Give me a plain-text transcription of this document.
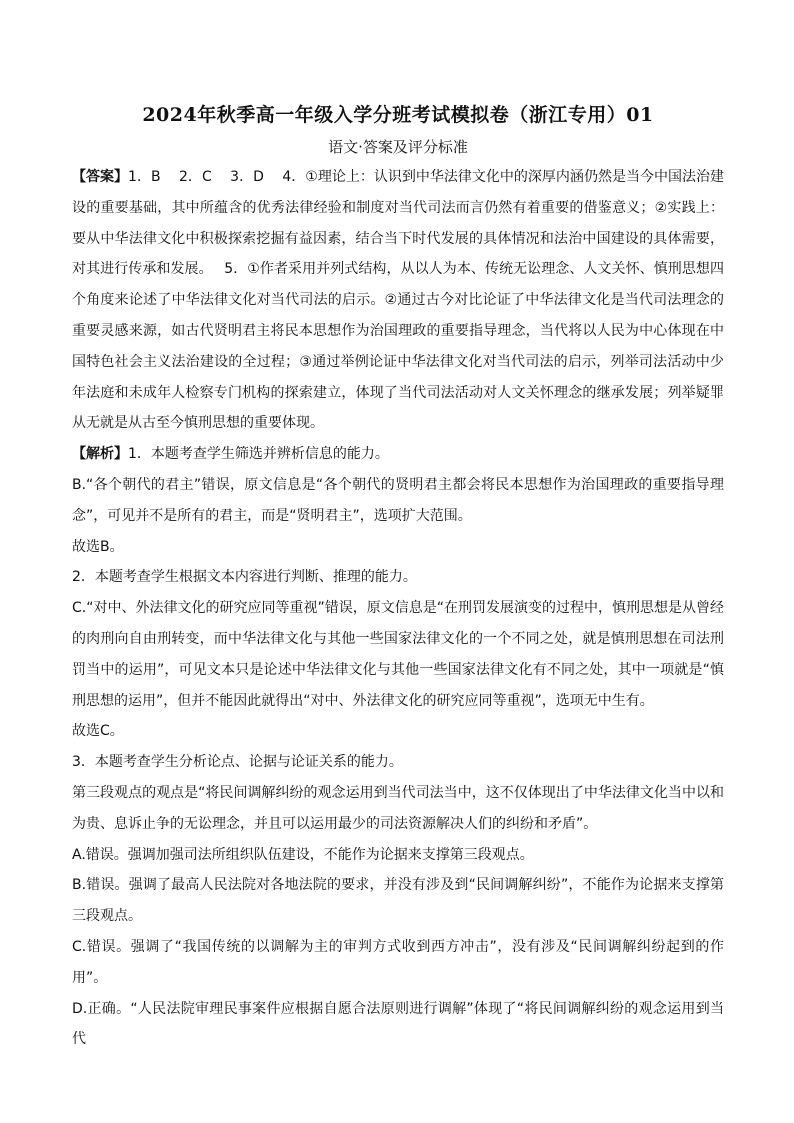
2024年秋季高一年级入学分班考试模拟卷（浙江专用）01
语文·答案及评分标准

【答案】1．B　 2．C　 3．D　 4．①理论上：认识到中华法律文化中的深厚内涵仍然是当今中国法治建设的重要基础，其中所蕴含的优秀法律经验和制度对当代司法而言仍然有着重要的借鉴意义；②实践上：要从中华法律文化中积极探索挖掘有益因素，结合当下时代发展的具体情况和法治中国建设的具体需要，对其进行传承和发展。　 5．①作者采用并列式结构，从以人为本、传统无讼理念、人文关怀、慎刑思想四个角度来论述了中华法律文化对当代司法的启示。②通过古今对比论证了中华法律文化是当代司法理念的重要灵感来源，如古代贤明君主将民本思想作为治国理政的重要指导理念，当代将以人民为中心体现在中国特色社会主义法治建设的全过程；③通过举例论证中华法律文化对当代司法的启示，列举司法活动中少年法庭和未成年人检察专门机构的探索建立，体现了当代司法活动对人文关怀理念的继承发展；列举疑罪从无就是从古至今慎刑思想的重要体现。

【解析】1．本题考查学生筛选并辨析信息的能力。

B.“各个朝代的君主”错误，原文信息是“各个朝代的贤明君主都会将民本思想作为治国理政的重要指导理念”，可见并不是所有的君主，而是“贤明君主”，选项扩大范围。

故选B。

2．本题考查学生根据文本内容进行判断、推理的能力。

C.“对中、外法律文化的研究应同等重视”错误，原文信息是“在刑罚发展演变的过程中，慎刑思想是从曾经的肉刑向自由刑转变，而中华法律文化与其他一些国家法律文化的一个不同之处，就是慎刑思想在司法刑罚当中的运用”，可见文本只是论述中华法律文化与其他一些国家法律文化有不同之处，其中一项就是“慎刑思想的运用”，但并不能因此就得出“对中、外法律文化的研究应同等重视”，选项无中生有。

故选C。

3．本题考查学生分析论点、论据与论证关系的能力。

第三段观点的观点是“将民间调解纠纷的观念运用到当代司法当中，这不仅体现出了中华法律文化当中以和为贵、息诉止争的无讼理念，并且可以运用最少的司法资源解决人们的纠纷和矛盾”。

A.错误。强调加强司法所组织队伍建设，不能作为论据来支撑第三段观点。

B.错误。强调了最高人民法院对各地法院的要求，并没有涉及到“民间调解纠纷”，不能作为论据来支撑第三段观点。

C.错误。强调了“我国传统的以调解为主的审判方式收到西方冲击”，没有涉及“民间调解纠纷起到的作用”。

D.正确。“人民法院审理民事案件应根据自愿合法原则进行调解”体现了“将民间调解纠纷的观念运用到当代
